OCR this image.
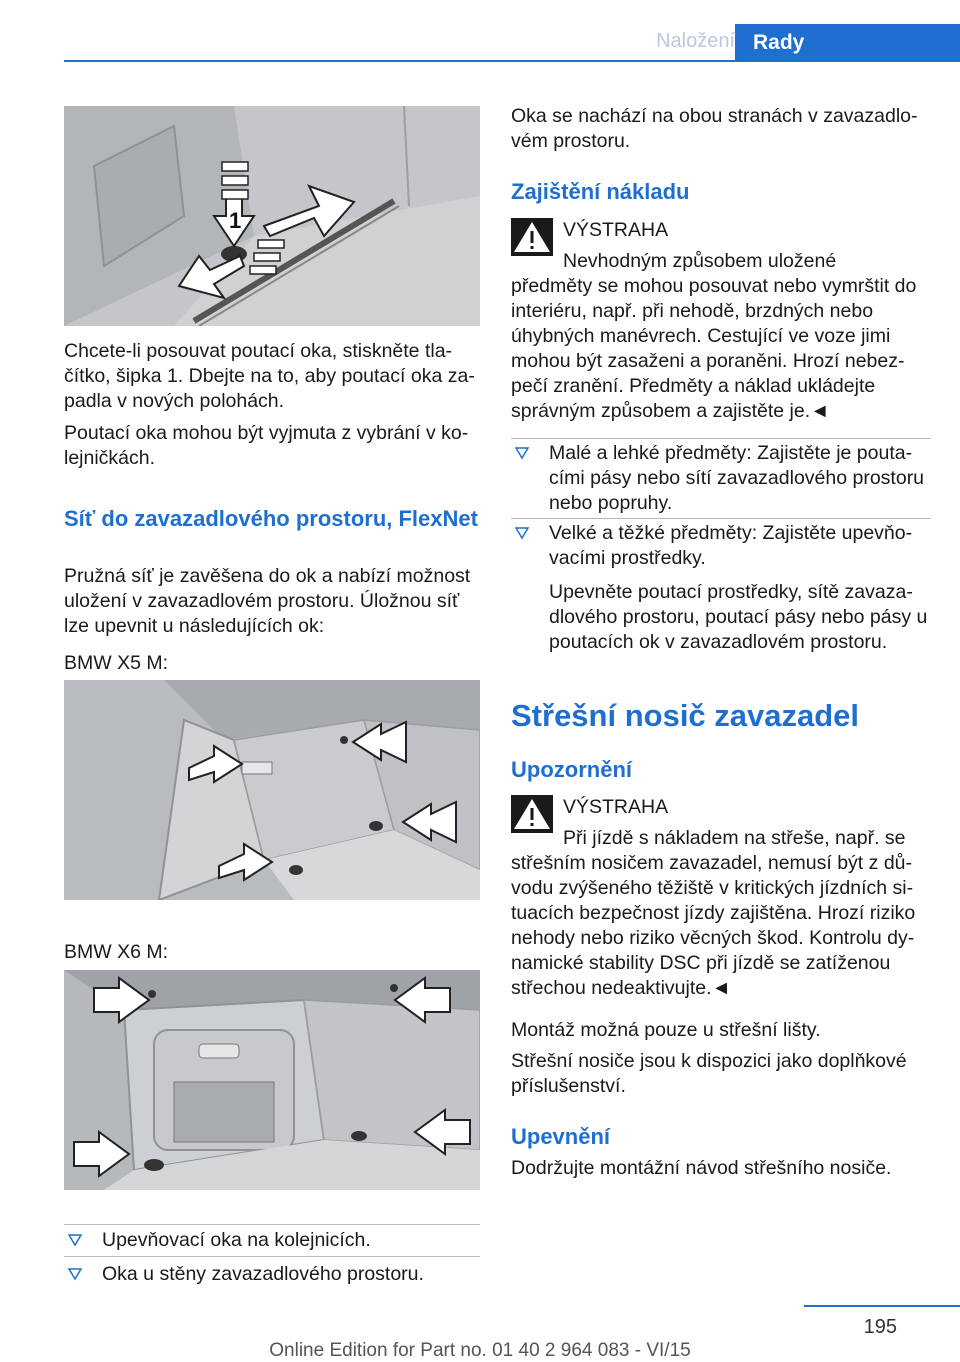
Naložení Rady
1

Chcete-li posouvat poutací oka, stiskněte tla‐ čítko, šipka 1. Dbejte na to, aby poutací oka za‐ padla v nových polohách.

Poutací oka mohou být vyjmuta z vybrání v ko‐ lejničkách.

Síť do zavazadlového prostoru, FlexNet

Pružná síť je zavěšena do ok a nabízí možnost uložení v zavazadlovém prostoru. Úložnou síť lze upevnit u následujících ok:

BMW X5 M:

BMW X6 M:

Upevňovací oka na kolejnicích.
Oka u stěny zavazadlového prostoru.

Oka se nachází na obou stranách v zavazadlo‐ vém prostoru.

Zajištění nákladu

VÝSTRAHA

Nevhodným způsobem uložené

předměty se mohou posouvat nebo vymrštit do interiéru, např. při nehodě, brzdných nebo úhybných manévrech. Cestující ve voze jimi mohou být zasaženi a poraněni. Hrozí nebez‐ pečí zranění. Předměty a náklad ukládejte správným způsobem a zajistěte je.◄

Malé a lehké předměty: Zajistěte je pouta‐ cími pásy nebo sítí zavazadlového prostoru nebo popruhy.
Velké a těžké předměty: Zajistěte upevňo‐ vacími prostředky.

Upevněte poutací prostředky, sítě zavaza‐ dlového prostoru, poutací pásy nebo pásy u poutacích ok v zavazadlovém prostoru.

Střešní nosič zavazadel
Upozornění

VÝSTRAHA

Při jízdě s nákladem na střeše, např. se

střešním nosičem zavazadel, nemusí být z dů‐ vodu zvýšeného těžiště v kritických jízdních si‐ tuacích bezpečnost jízdy zajištěna. Hrozí riziko nehody nebo riziko věcných škod. Kontrolu dy‐ namické stability DSC při jízdě se zatíženou střechou nedeaktivujte.◄

Montáž možná pouze u střešní lišty.

Střešní nosiče jsou k dispozici jako doplňkové příslušenství.

Upevnění

Dodržujte montážní návod střešního nosiče.

195
Online Edition for Part no. 01 40 2 964 083 - VI/15
